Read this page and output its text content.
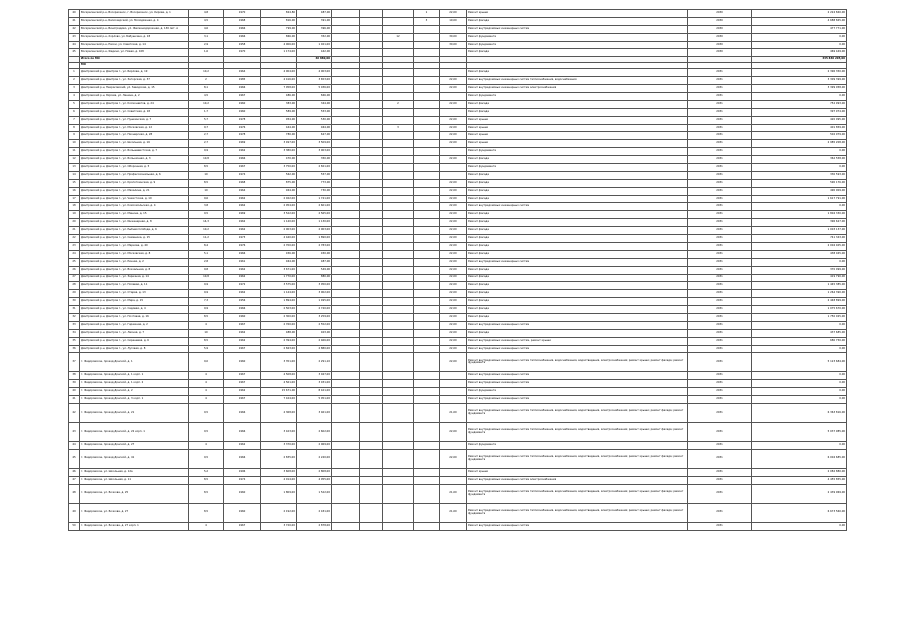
40	Воскресенский р-н, Воскресенск, г. Воскресенск, ул. Кирова, д. 1	4,8	1970	824,80	487,00				1	22,00	Ремонт крыши	2030	2 224 840,00
41	Воскресенский р-н, Белоозерский, ул. Молодёжная, д. 4	4,5	1968	816,00	391,00				3	19,00	Ремонт фасада	2030	4 688 845,00
42	Воскресенский р-н, Виноградово, ул. Железнодорожная, д. 130 лит. А	4,6	1966	799,00	396,00						Ремонт внутридомовых инженерных систем	2030	477 771,00
43	Воскресенский р-н, Хорлово, ул. Бабушкина, д. 18	3,1	1966	866,00	352,00			12		30,00	Ремонт фундамента	2030	0,00
44	Воскресенский р-н, Пески, ул. Советская, д. 14	2,9	1958	4 006,00	1 021,00					30,00	Ремонт фундамента	2030	0,00
45	Воскресенский р-н, Федино, ул. Новая, д. 108	1,6	1970	1 174,00	442,00						Ремонт фасада	2030	469 449,00
	Итого по МО				46 880,00								335 830 205,00
	МО												
1	Дмитровский р-н, Дмитров г., ул. Бирлова, д. 19	10,2	1964	4 004,00	4 003,00						Ремонт фасада	2031	2 396 350,00
2	Дмитровский р-н, Дмитров г., ул. Загорская, д. 37	2	1985	4 416,00	3 653,00					22,00	Ремонт внутридомовых инженерных систем теплоснабжения, водоснабжения	2031	3 309 399,00
3	Дмитровский р-н, Некрасовский, ул. Заводская, д. 15	8,1	1966	7 058,00	5 036,00					22,00	Ремонт внутридомовых инженерных систем электроснабжения	2031	3 399 058,00
4	Дмитровский р-н, Яхрома, ул. Ленина, д. 2	4,5	1967	486,00	846,00						Ремонт фундамента	2031	0,00
5	Дмитровский р-н, Дмитров г., ул. Космонавтов, д. 24	10,2	1960	383,00	344,00			2		22,00	Ремонт фасада	2031	752 993,00
6	Дмитровский р-н, Дмитров г., ул. Советская, д. 18	1,7	1960	589,00	553,00						Ремонт фасада	2031	397 974,00
7	Дмитровский р-н, Дмитров г., ул. Пушкинская, д. 7	5,7	1978	954,00	530,00					22,00	Ремонт крыши	2031	420 095,00
8	Дмитровский р-н, Дмитров г., ул. Московская, д. 12	9,7	1976	444,00	464,00			3		22,00	Ремонт крыши	2031	401 859,00
9	Дмитровский р-н, Дмитров г., ул. Пионерская, д. 28	2,7	1978	780,00	627,00					22,00	Ремонт крыши	2031	502 979,00
10	Дмитровский р-н, Дмитров г., ул. Школьная, д. 16	2,7	1969	3 497,00	3 509,00					22,00	Ремонт крыши	2031	2 985 208,00
11	Дмитровский р-н, Дмитров г., ул. Большевистская, д. 7	9,9	1962	3 380,00	3 003,00						Ремонт фундамента	2031	0,00
12	Дмитровский р-н, Дмитров г., ул. Больничная, д. 3	10,8	1966	470,00	350,00					22,00	Ремонт фасада	2031	362 558,00
13	Дмитровский р-н, Дмитров г., ул. Оборонная, д. 5	8,5	1967	3 750,00	2 821,00						Ремонт фундамента	2031	0,00
14	Дмитровский р-н, Дмитров г., ул. Профессиональная, д. 6	10	1974	562,00	557,00						Ремонт фасада	2031	330 593,00
15	Дмитровский р-н, Дмитров г., ул. Кропоткинская, д. 9	8,5	1968	875,00	773,00					22,00	Ремонт фасада	2031	590 176,00
16	Дмитровский р-н, Дмитров г., ул. Махалина, д. 21	10	1964	944,00	730,00					22,00	Ремонт фасада	2031	490 009,00
17	Дмитровский р-н, Дмитров г., ул. Чекистская, д. 10	9,6	1962	2 022,00	1 741,00					22,00	Ремонт фасада	2031	1 617 791,00
18	Дмитровский р-н, Дмитров г., ул. Комсомольская, д. 4	3,8	1962	2 054,00	2 601,00					22,00	Ремонт внутридомовых инженерных систем	2031	0,00
19	Дмитровский р-н, Дмитров г., ул. Минина, д. 15	9,5	1969	3 522,00	2 565,00					22,00	Ремонт фасада	2031	1 804 330,00
20	Дмитровский р-н, Дмитров г., ул. Инженерная, д. 8	14,3	1962	1 140,00	1 130,00					22,00	Ремонт фасада	2031	396 627,00
21	Дмитровский р-н, Дмитров г., ул. Рыбная Слобода, д. 6	10,2	1962	2 003,00	2 003,00					22,00	Ремонт фасада	2031	1 003 137,00
22	Дмитровский р-н, Дмитров г., ул. Семенюка, д. 15	11,2	1973	4 440,00	1 890,00					22,00	Ремонт фасада	2031	741 343,00
23	Дмитровский р-н, Дмитров г., ул. Маркова, д. 40	8,4	1976	2 700,00	2 783,00					22,00	Ремонт фасада	2031	2 004 405,00
24	Дмитровский р-н, Дмитров г., ул. Московская, д. 8	5,1	1966	456,00	450,00					22,00	Ремонт фасада	2031	438 045,00
25	Дмитровский р-н, Дмитров г., ул. Речная, д. 2	2,8	1961	464,00	487,00					22,00	Ремонт внутридомовых инженерных систем	2031	0,00
26	Дмитровский р-н, Дмитров г., ул. Вокзальная, д. 8	9,8	1962	3 671,00	549,00					22,00	Ремонт фасада	2031	370 099,00
27	Дмитровский р-н, Дмитров г., ул. Заречная, д. 14	10,8	1962	1 770,00	880,00					22,00	Ремонт фасада	2031	419 790,00
28	Дмитровский р-н, Дмитров г., ул. Полевая, д. 11	9,9	1972	3 575,00	3 050,00					22,00	Ремонт фасада	2031	1 445 385,00
29	Дмитровский р-н, Дмитров г., ул. Старая, д. 13	9,9	1962	1 144,00	3 002,00					22,00	Ремонт фасада	2031	1 264 390,00
30	Дмитровский р-н, Дмитров г., ул. Мира, д. 15	7,3	1956	1 894,00	1 495,00					22,00	Ремонт фасада	2031	2 448 899,00
31	Дмитровский р-н, Дмитров г., ул. Садовая, д. 4	9,9	1966	2 503,00	2 740,00					22,00	Ремонт фасада	2031	1 075 670,00
32	Дмитровский р-н, Дмитров г., ул. Почтовая, д. 16	8,5	1960	2 300,00	3 259,00					22,00	Ремонт фасада	2031	1 750 025,00
33	Дмитровский р-н, Дмитров г., ул. Гаражная, д. 2	4	1967	2 760,00	2 552,00					22,00	Ремонт внутридомовых инженерных систем	2031	0,00
34	Дмитровский р-н, Дмитров г., ул. Лесная, д. 7	10	1962	488,00	403,00					22,00	Ремонт фасада	2031	437 685,00
35	Дмитровский р-н, Дмитров г., ул. Сиреневая, д. 6	8,5	1962	2 394,00	2 466,00					22,00	Ремонт внутридомовых инженерных систем, ремонт крыши	2031	680 750,00
36	Дмитровский р-н, Дмитров г., ул. Луговая, д. 8	5,9	1967	2 843,00	2 880,00					22,00	Ремонт внутридомовых инженерных систем	2031	0,00
37	г. Федоровское, проезд Донской, д. 1	9,0	1960	3 351,00	2 291,10					22,00	Ремонт внутридомовых инженерных систем теплоснабжения, водоснабжения, водоотведения, электроснабжения; ремонт крыши; ремонт фасада; ремонт фундамента	2031	5 123 684,00
38	г. Федоровское, проезд Донской, д. 1 корп. 1	4	1967	4 508,00	3 047,00						Ремонт внутридомовых инженерных систем	2031	0,00
39	г. Федоровское, проезд Донской, д. 1 корп. 2	4	1967	4 561,00	3 031,00						Ремонт внутридомовых инженерных систем	2031	0,00
40	г. Федоровское, проезд Донской, д. 2	4	1962	15 671,00	8 421,00						Ремонт фундамента	2031	0,00
41	г. Федоровское, проезд Донской, д. 3 корп. 1	4	1967	7 164,00	5 051,00						Ремонт внутридомовых инженерных систем	2031	0,00
42	г. Федоровское, проезд Донской, д. 21	9,5	1966	4 368,00	3 461,00					21,00	Ремонт внутридомовых инженерных систем теплоснабжения, водоснабжения, водоотведения, электроснабжения; ремонт крыши; ремонт фасада; ремонт фундамента	2031	6 363 816,00
43	г. Федоровское, проезд Донской, д. 22 корп. 1	9,5	1966	3 423,00	2 602,00					22,00	Ремонт внутридомовых инженерных систем теплоснабжения, водоснабжения, водоотведения, электроснабжения; ремонт крыши; ремонт фасада; ремонт фундамента	2031	5 037 985,00
44	г. Федоровское, проезд Донской, д. 27	4	1962	3 370,00	2 069,00						Ремонт фундамента	2031	0,00
45	г. Федоровское, проезд Донской, д. 41	9,5	1966	2 835,00	2 240,00					22,00	Ремонт внутридомовых инженерных систем теплоснабжения, водоснабжения, водоотведения, электроснабжения; ремонт крыши; ремонт фасада; ремонт фундамента	2031	6 004 685,00
46	г. Федоровское, ул. Школьная, д. 12а	5,2	1996	3 608,00	2 808,00						Ремонт крыши	2031	2 082 880,00
47	г. Федоровское, ул. Школьная, д. 11	8,5	1974	4 014,00	4 055,00						Ремонт внутридомовых инженерных систем электроснабжения	2031	4 455 855,00
48	г. Федоровское, ул. Бочкова, д. 25	8,5	1960	1 809,00	1 522,00					21,00	Ремонт внутридомовых инженерных систем теплоснабжения, водоснабжения, водоотведения, электроснабжения; ремонт крыши; ремонт фасада; ремонт фундамента	2031	2 439 969,00
49	г. Федоровское, ул. Бочкова, д. 27	8,5	1960	2 192,00	2 181,00					21,00	Ремонт внутридомовых инженерных систем теплоснабжения, водоснабжения, водоотведения, электроснабжения; ремонт крыши; ремонт фасада; ремонт фундамента	2031	6 673 560,00
50	г. Федоровское, ул. Бочкова, д. 27 корп. 1	4	1967	3 720,00	2 878,00						Ремонт внутридомовых инженерных систем	2031	0,00
